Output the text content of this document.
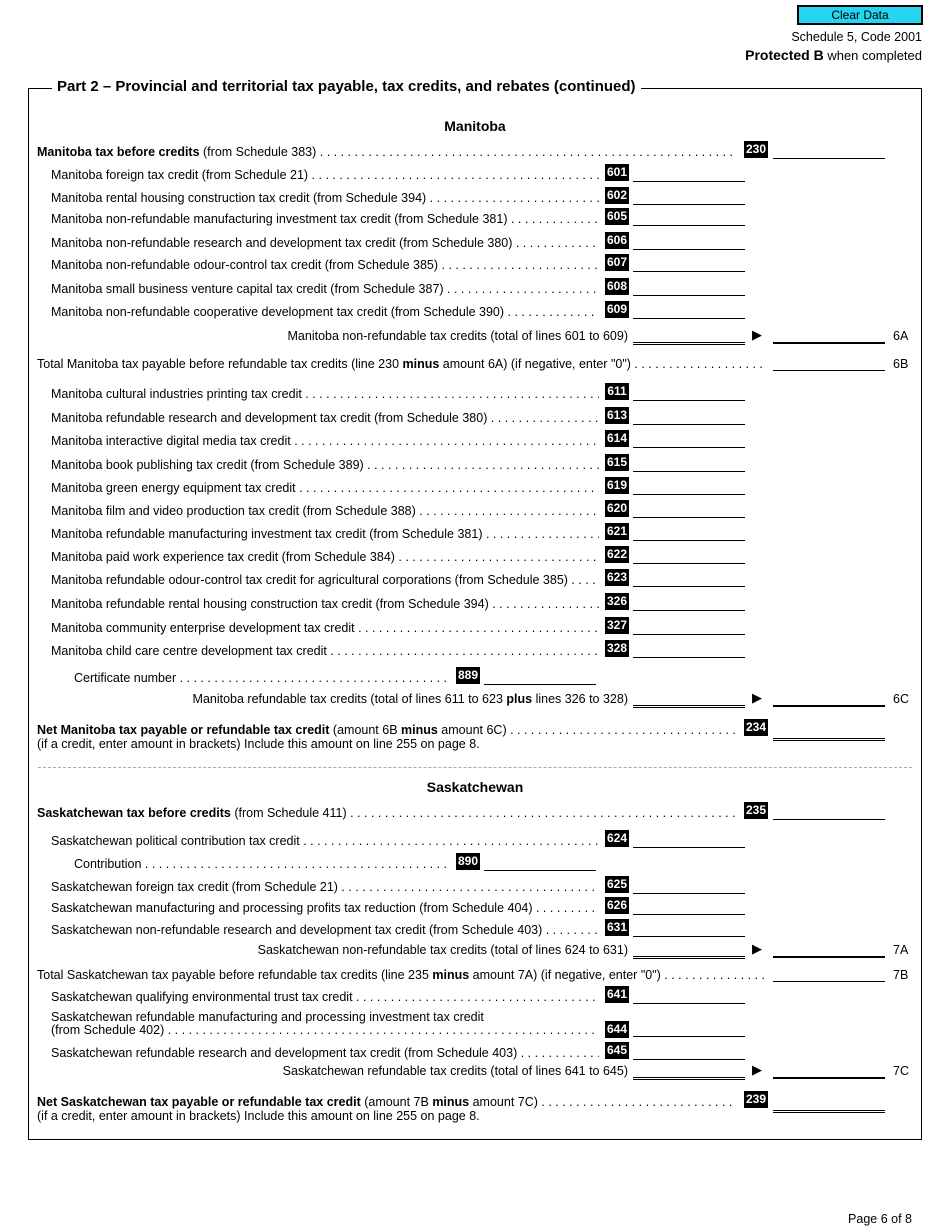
Clear Data
Schedule 5, Code 2001
Protected B when completed
Part 2 – Provincial and territorial tax payable, tax credits, and rebates (continued)
Manitoba
Manitoba tax before credits (from Schedule 383) . . .	230
Manitoba foreign tax credit (from Schedule 21) . . .	601
Manitoba rental housing construction tax credit (from Schedule 394) . . .	602
Manitoba non-refundable manufacturing investment tax credit (from Schedule 381) . . .	605
Manitoba non-refundable research and development tax credit (from Schedule 380) . . .	606
Manitoba non-refundable odour-control tax credit (from Schedule 385) . . .	607
Manitoba small business venture capital tax credit (from Schedule 387) . . .	608
Manitoba non-refundable cooperative development tax credit (from Schedule 390) . . .	609
Manitoba non-refundable tax credits (total of lines 601 to 609)	▶	6A
Total Manitoba tax payable before refundable tax credits (line 230 minus amount 6A) (if negative, enter "0") . . .	6B
Manitoba cultural industries printing tax credit . . .	611
Manitoba refundable research and development tax credit (from Schedule 380) . . .	613
Manitoba interactive digital media tax credit . . .	614
Manitoba book publishing tax credit (from Schedule 389) . . .	615
Manitoba green energy equipment tax credit . . .	619
Manitoba film and video production tax credit (from Schedule 388) . . .	620
Manitoba refundable manufacturing investment tax credit (from Schedule 381) . . .	621
Manitoba paid work experience tax credit (from Schedule 384) . . .	622
Manitoba refundable odour-control tax credit for agricultural corporations (from Schedule 385) . . .	623
Manitoba refundable rental housing construction tax credit (from Schedule 394) . . .	326
Manitoba community enterprise development tax credit . . .	327
Manitoba child care centre development tax credit . . .	328
Certificate number . . .	889
Manitoba refundable tax credits (total of lines 611 to 623 plus lines 326 to 328)	▶	6C
Net Manitoba tax payable or refundable tax credit (amount 6B minus amount 6C) . . .	234
(if a credit, enter amount in brackets) Include this amount on line 255 on page 8.
Saskatchewan
Saskatchewan tax before credits (from Schedule 411) . . .	235
Saskatchewan political contribution tax credit . . .	624
Contribution . . .	890
Saskatchewan foreign tax credit (from Schedule 21) . . .	625
Saskatchewan manufacturing and processing profits tax reduction (from Schedule 404) . . .	626
Saskatchewan non-refundable research and development tax credit (from Schedule 403) . . .	631
Saskatchewan non-refundable tax credits (total of lines 624 to 631)	▶	7A
Total Saskatchewan tax payable before refundable tax credits (line 235 minus amount 7A) (if negative, enter "0") . . .	7B
Saskatchewan qualifying environmental trust tax credit . . .	641
Saskatchewan refundable manufacturing and processing investment tax credit
(from Schedule 402) . . .	644
Saskatchewan refundable research and development tax credit (from Schedule 403) . . .	645
Saskatchewan refundable tax credits (total of lines 641 to 645)	▶	7C
Net Saskatchewan tax payable or refundable tax credit (amount 7B minus amount 7C) . . .	239
(if a credit, enter amount in brackets) Include this amount on line 255 on page 8.
Page 6 of 8
